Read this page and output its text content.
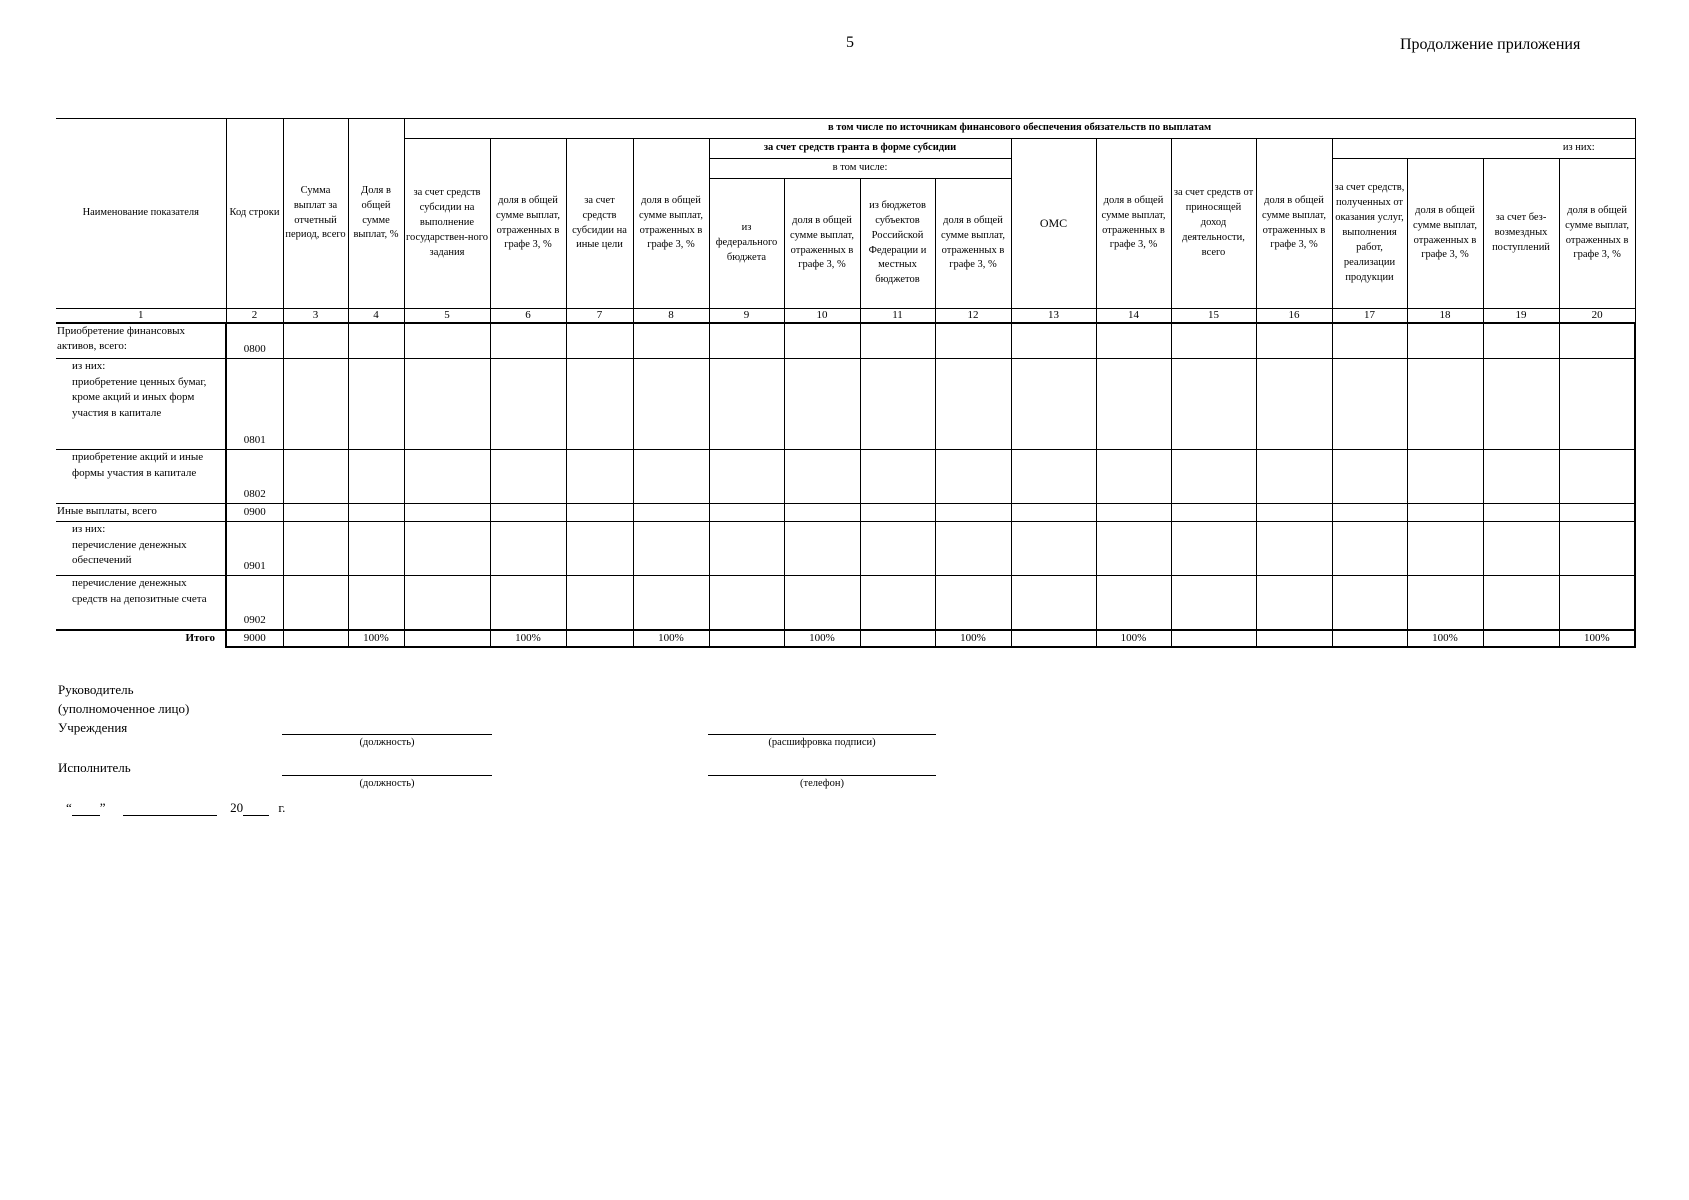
5	Продолжение приложения
Наименование показателя	Код строки	Сумма выплат за отчетный период, всего	Доля в общей сумме выплат, %	в том числе по источникам финансового обеспечения обязательств по выплатам															
				за счет средств субсидии на выполнение государствен-ного задания	доля в общей сумме выплат, отраженных в графе 3, %	за счет средств субсидии на иные цели	доля в общей сумме выплат, отраженных в графе 3, %	за счет средств гранта в форме субсидии				ОМС	доля в общей сумме выплат, отраженных в графе 3, %	за счет средств от приносящей доход деятельности, всего	доля в общей сумме выплат, отраженных в графе 3, %	из них:			
								в том числе:								за счет средств, полученных от оказания услуг, выполнения работ, реализации продукции	доля в общей сумме выплат, отраженных в графе 3, %	за счет без-возмездных поступлений	доля в общей сумме выплат, отраженных в графе 3, %
								из федерального бюджета	доля в общей сумме выплат, отраженных в графе 3, %	из бюджетов субъектов Российской Федерации и местных бюджетов	доля в общей сумме выплат, отраженных в графе 3, %								
1	2	3	4	5	6	7	8	9	10	11	12	13	14	15	16	17	18	19	20
Приобретение финансовых активов, всего:	0800																		

из них:
приобретение ценных бумаг, кроме акций и иных форм участия в капитале	0801																		
приобретение акций и иные формы участия в капитале	0802																		
Иные выплаты, всего	0900																		

из них:
перечисление денежных обеспечений	0901																		
перечисление денежных средств на депозитные счета	0902																		
Итого	9000		100%		100%		100%		100%		100%		100%				100%		100%
Руководитель
(уполномоченное лицо)
Учреждения
(должность)	(расшифровка подписи)
Исполнитель
(должность)	(телефон)
“ ”	20	г.
